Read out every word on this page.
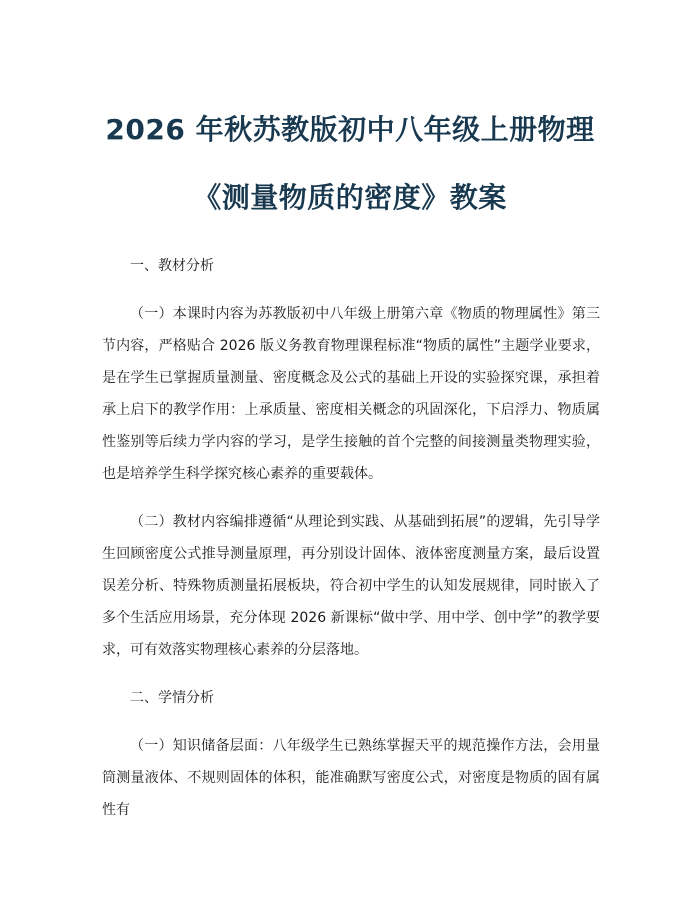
2026 年秋苏教版初中八年级上册物理
《测量物质的密度》教案
一、教材分析

（一）本课时内容为苏教版初中八年级上册第六章《物质的物理属性》第三节内容，严格贴合 2026 版义务教育物理课程标准“物质的属性”主题学业要求，是在学生已掌握质量测量、密度概念及公式的基础上开设的实验探究课，承担着承上启下的教学作用：上承质量、密度相关概念的巩固深化，下启浮力、物质属性鉴别等后续力学内容的学习，是学生接触的首个完整的间接测量类物理实验，也是培养学生科学探究核心素养的重要载体。

（二）教材内容编排遵循“从理论到实践、从基础到拓展”的逻辑，先引导学生回顾密度公式推导测量原理，再分别设计固体、液体密度测量方案，最后设置误差分析、特殊物质测量拓展板块，符合初中学生的认知发展规律，同时嵌入了多个生活应用场景，充分体现 2026 新课标“做中学、用中学、创中学”的教学要求，可有效落实物理核心素养的分层落地。

二、学情分析

（一）知识储备层面：八年级学生已熟练掌握天平的规范操作方法，会用量筒测量液体、不规则固体的体积，能准确默写密度公式，对密度是物质的固有属性有
